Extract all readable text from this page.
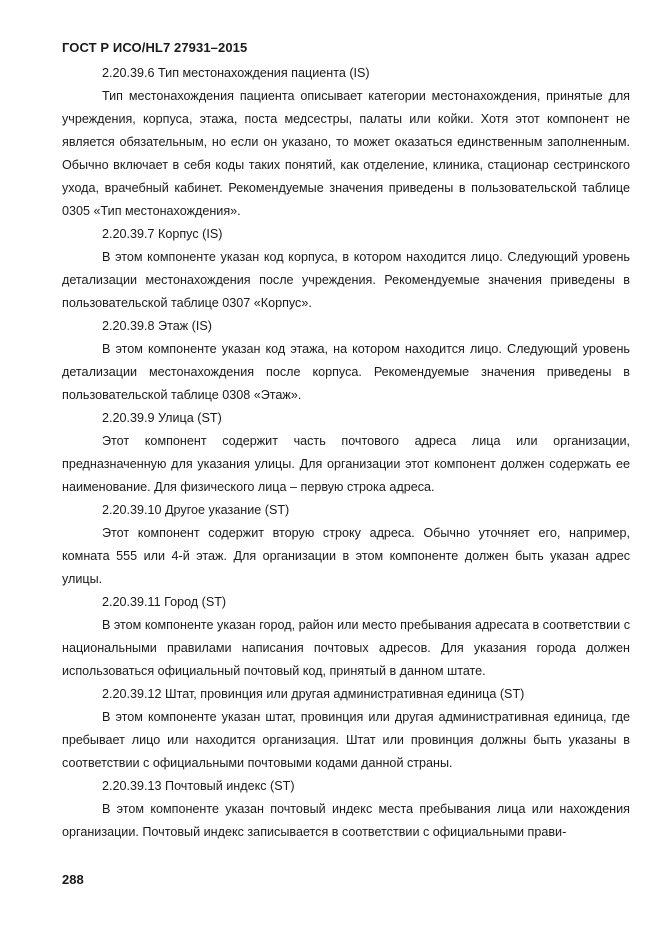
ГОСТ Р ИСО/HL7 27931–2015

2.20.39.6 Тип местонахождения пациента (IS)

Тип местонахождения пациента описывает категории местонахождения, принятые для учреждения, корпуса, этажа, поста медсестры, палаты или койки. Хотя этот компонент не является обязательным, но если он указано, то может оказаться единственным заполненным. Обычно включает в себя коды таких понятий, как отделение, клиника, стационар сестринского ухода, врачебный кабинет. Рекомендуемые значения приведены в пользовательской таблице 0305 «Тип местонахождения».

2.20.39.7 Корпус (IS)

В этом компоненте указан код корпуса, в котором находится лицо. Следующий уровень детализации местонахождения после учреждения. Рекомендуемые значения приведены в пользовательской таблице 0307 «Корпус».

2.20.39.8 Этаж (IS)

В этом компоненте указан код этажа, на котором находится лицо. Следующий уровень детализации местонахождения после корпуса. Рекомендуемые значения приведены в пользовательской таблице 0308 «Этаж».

2.20.39.9 Улица (ST)

Этот компонент содержит часть почтового адреса лица или организации, предназначенную для указания улицы. Для организации этот компонент должен содержать ее наименование. Для физического лица – первую строка адреса.

2.20.39.10 Другое указание (ST)

Этот компонент содержит вторую строку адреса. Обычно уточняет его, например, комната 555 или 4-й этаж. Для организации в этом компоненте должен быть указан адрес улицы.

2.20.39.11 Город (ST)

В этом компоненте указан город, район или место пребывания адресата в соответствии с национальными правилами написания почтовых адресов. Для указания города должен использоваться официальный почтовый код, принятый в данном штате.

2.20.39.12 Штат, провинция или другая административная единица (ST)

В этом компоненте указан штат, провинция или другая административная единица, где пребывает лицо или находится организация. Штат или провинция должны быть указаны в соответствии с официальными почтовыми кодами данной страны.

2.20.39.13 Почтовый индекс (ST)

В этом компоненте указан почтовый индекс места пребывания лица или нахождения организации. Почтовый индекс записывается в соответствии с официальными прави-

288
